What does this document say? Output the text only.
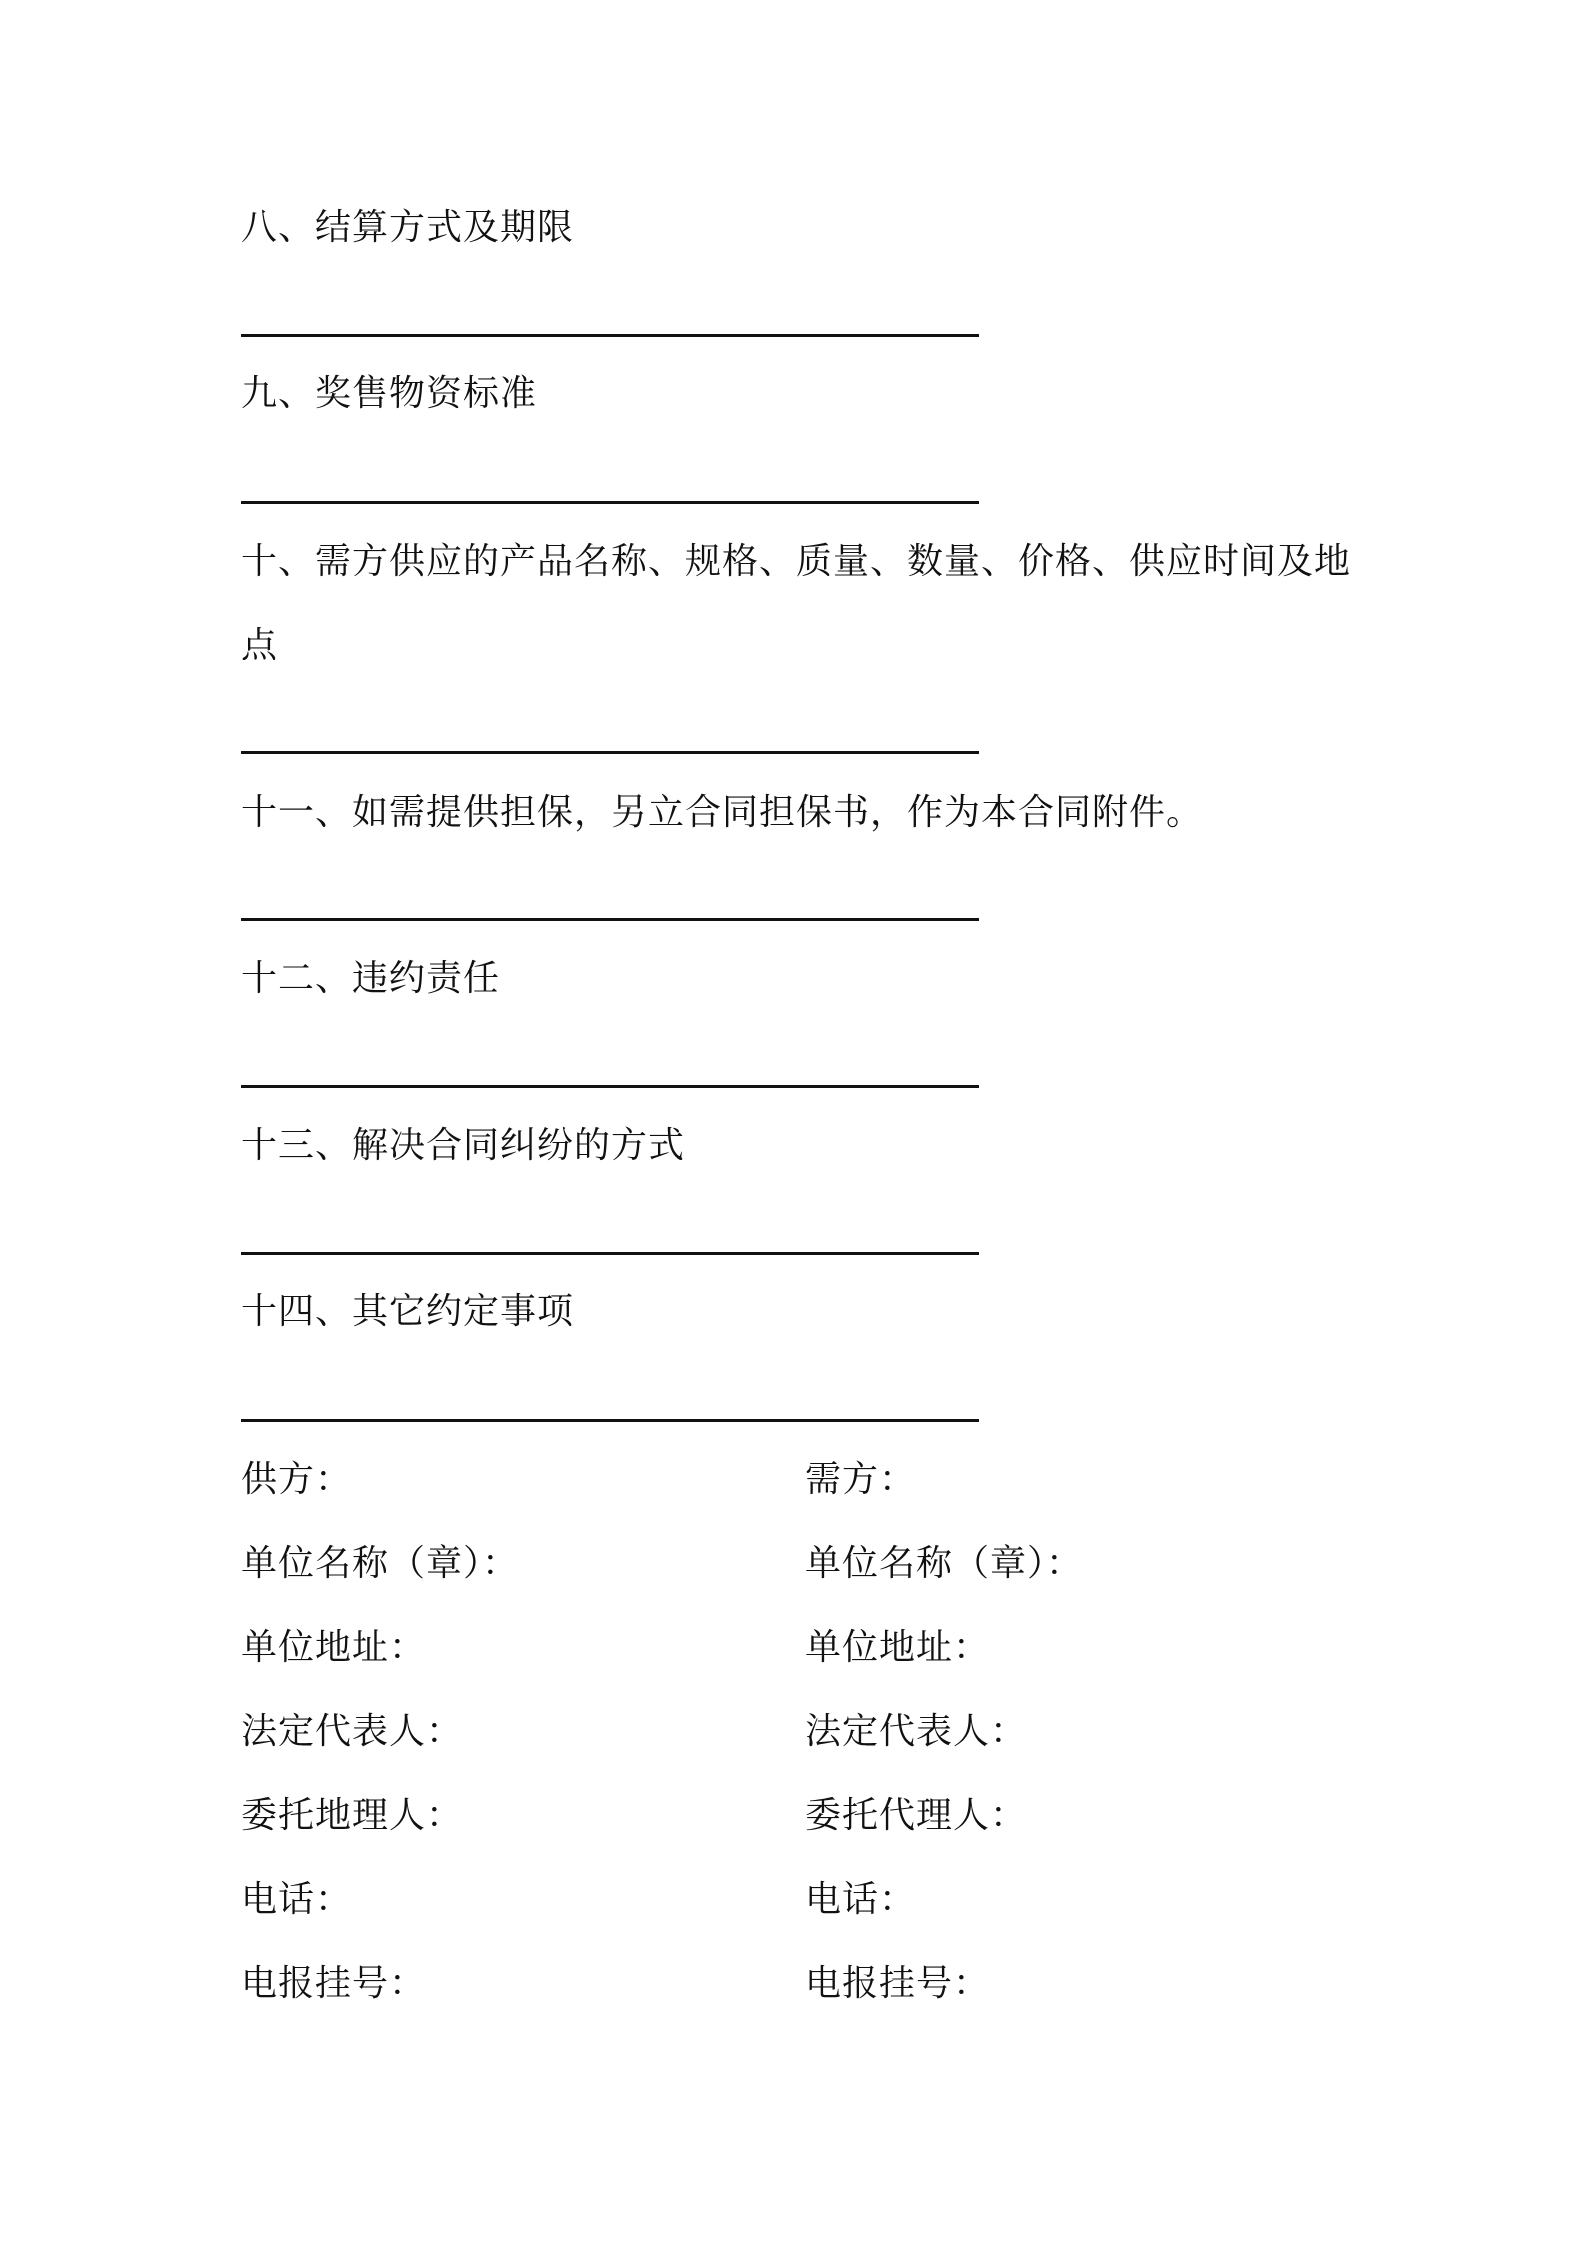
八、结算方式及期限
九、奖售物资标准
十、需方供应的产品名称、规格、质量、数量、价格、供应时间及地
点
十一、如需提供担保，另立合同担保书，作为本合同附件。
十二、违约责任
十三、解决合同纠纷的方式
十四、其它约定事项
供方：
单位名称（章）：
单位地址：
法定代表人：
委托地理人：
电话：
电报挂号：
需方：
单位名称（章）：
单位地址：
法定代表人：
委托代理人：
电话：
电报挂号：
